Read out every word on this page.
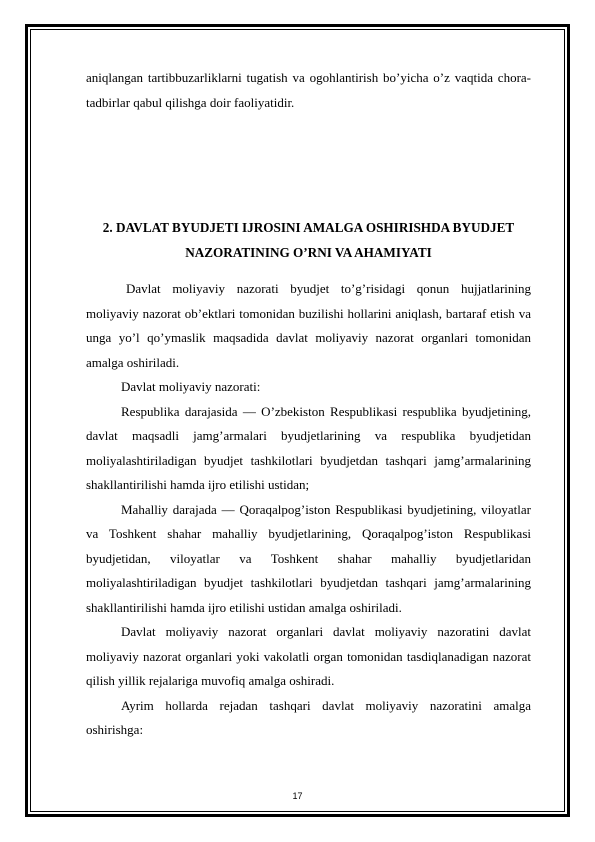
aniqlangan tartibbuzarliklarni tugatish va ogohlantirish bo’yicha o’z vaqtida chora-tadbirlar qabul qilishga doir faoliyatidir.

2. DAVLAT BYUDJETI IJROSINI AMALGA OSHIRISHDA BYUDJET NAZORATINING O’RNI VA AHAMIYATI

Davlat moliyaviy nazorati byudjet to’g’risidagi qonun hujjatlarining moliyaviy nazorat ob’ektlari tomonidan buzilishi hollarini aniqlash, bartaraf etish va unga yo’l qo’ymaslik maqsadida davlat moliyaviy nazorat organlari tomonidan amalga oshiriladi.

Davlat moliyaviy nazorati:

Respublika darajasida — O’zbekiston Respublikasi respublika byudjetining, davlat maqsadli jamg’armalari byudjetlarining va respublika byudjetidan moliyalashtiriladigan byudjet tashkilotlari byudjetdan tashqari jamg’armalarining shakllantirilishi hamda ijro etilishi ustidan;

Mahalliy darajada — Qoraqalpog’iston Respublikasi byudjetining, viloyatlar va Toshkent shahar mahalliy byudjetlarining, Qoraqalpog’iston Respublikasi byudjetidan, viloyatlar va Toshkent shahar mahalliy byudjetlaridan moliyalashtiriladigan byudjet tashkilotlari byudjetdan tashqari jamg’armalarining shakllantirilishi hamda ijro etilishi ustidan amalga oshiriladi.

Davlat moliyaviy nazorat organlari davlat moliyaviy nazoratini davlat moliyaviy nazorat organlari yoki vakolatli organ tomonidan tasdiqlanadigan nazorat qilish yillik rejalariga muvofiq amalga oshiradi.

Ayrim hollarda rejadan tashqari davlat moliyaviy nazoratini amalga oshirishga:

17
